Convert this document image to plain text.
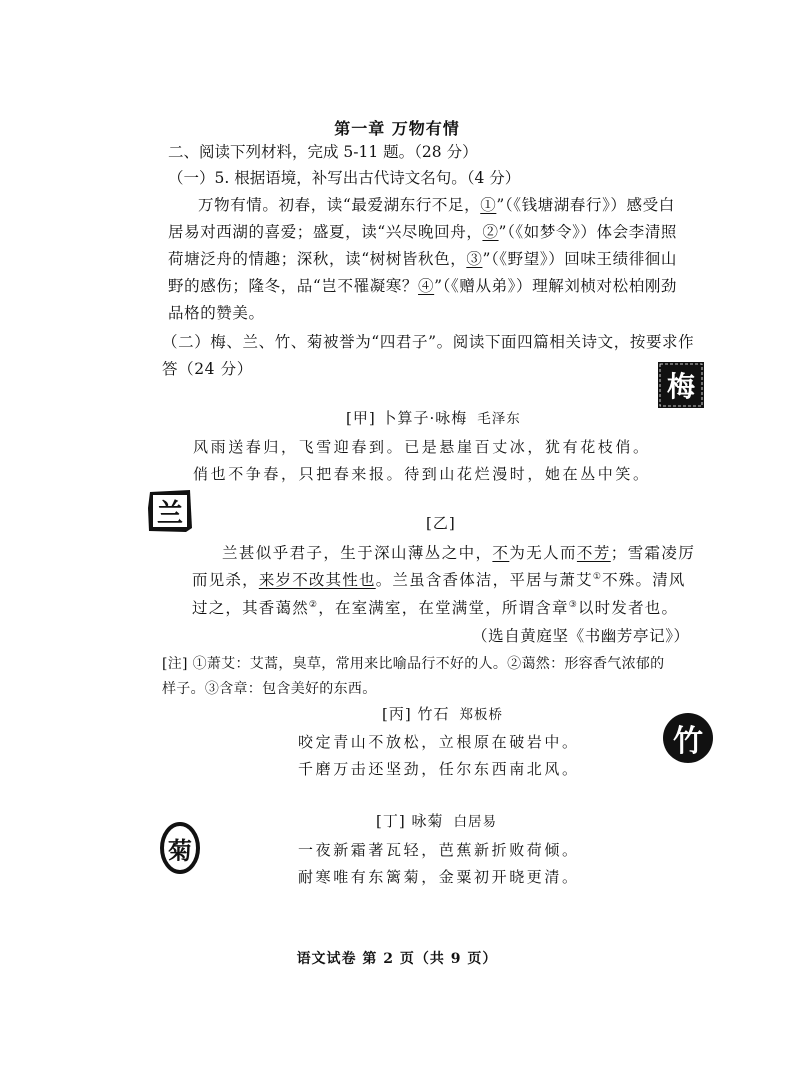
第一章 万物有情
二、阅读下列材料，完成 5-11 题。（28 分）
（一）5. 根据语境，补写出古代诗文名句。（4 分）
万物有情。初春，读“最爱湖东行不足，①”（《钱塘湖春行》）感受白
居易对西湖的喜爱；盛夏，读“兴尽晚回舟，②”（《如梦令》）体会李清照
荷塘泛舟的情趣；深秋，读“树树皆秋色，③”（《野望》）回味王绩徘徊山
野的感伤；隆冬，品“岂不罹凝寒？④”（《赠从弟》）理解刘桢对松柏刚劲
品格的赞美。
（二）梅、兰、竹、菊被誉为“四君子”。阅读下面四篇相关诗文，按要求作
答（24 分）
梅
[甲] 卜算子·咏梅 毛泽东
风雨送春归，飞雪迎春到。已是悬崖百丈冰，犹有花枝俏。
俏也不争春，只把春来报。待到山花烂漫时，她在丛中笑。
兰	[乙]
兰甚似乎君子，生于深山薄丛之中，不为无人而不芳；雪霜凌厉
而见杀，来岁不改其性也。兰虽含香体洁，平居与萧艾①不殊。清风
过之，其香蔼然②，在室满室，在堂满堂，所谓含章③以时发者也。
（选自黄庭坚《书幽芳亭记》）
[注] ①萧艾：艾蒿，臭草，常用来比喻品行不好的人。②蔼然：形容香气浓郁的
样子。③含章：包含美好的东西。
[丙] 竹石 郑板桥
咬定青山不放松，立根原在破岩中。
千磨万击还坚劲，任尔东西南北风。
竹
菊
[丁] 咏菊 白居易
一夜新霜著瓦轻，芭蕉新折败荷倾。
耐寒唯有东篱菊，金粟初开晓更清。
语文试卷 第 2 页（共 9 页）
